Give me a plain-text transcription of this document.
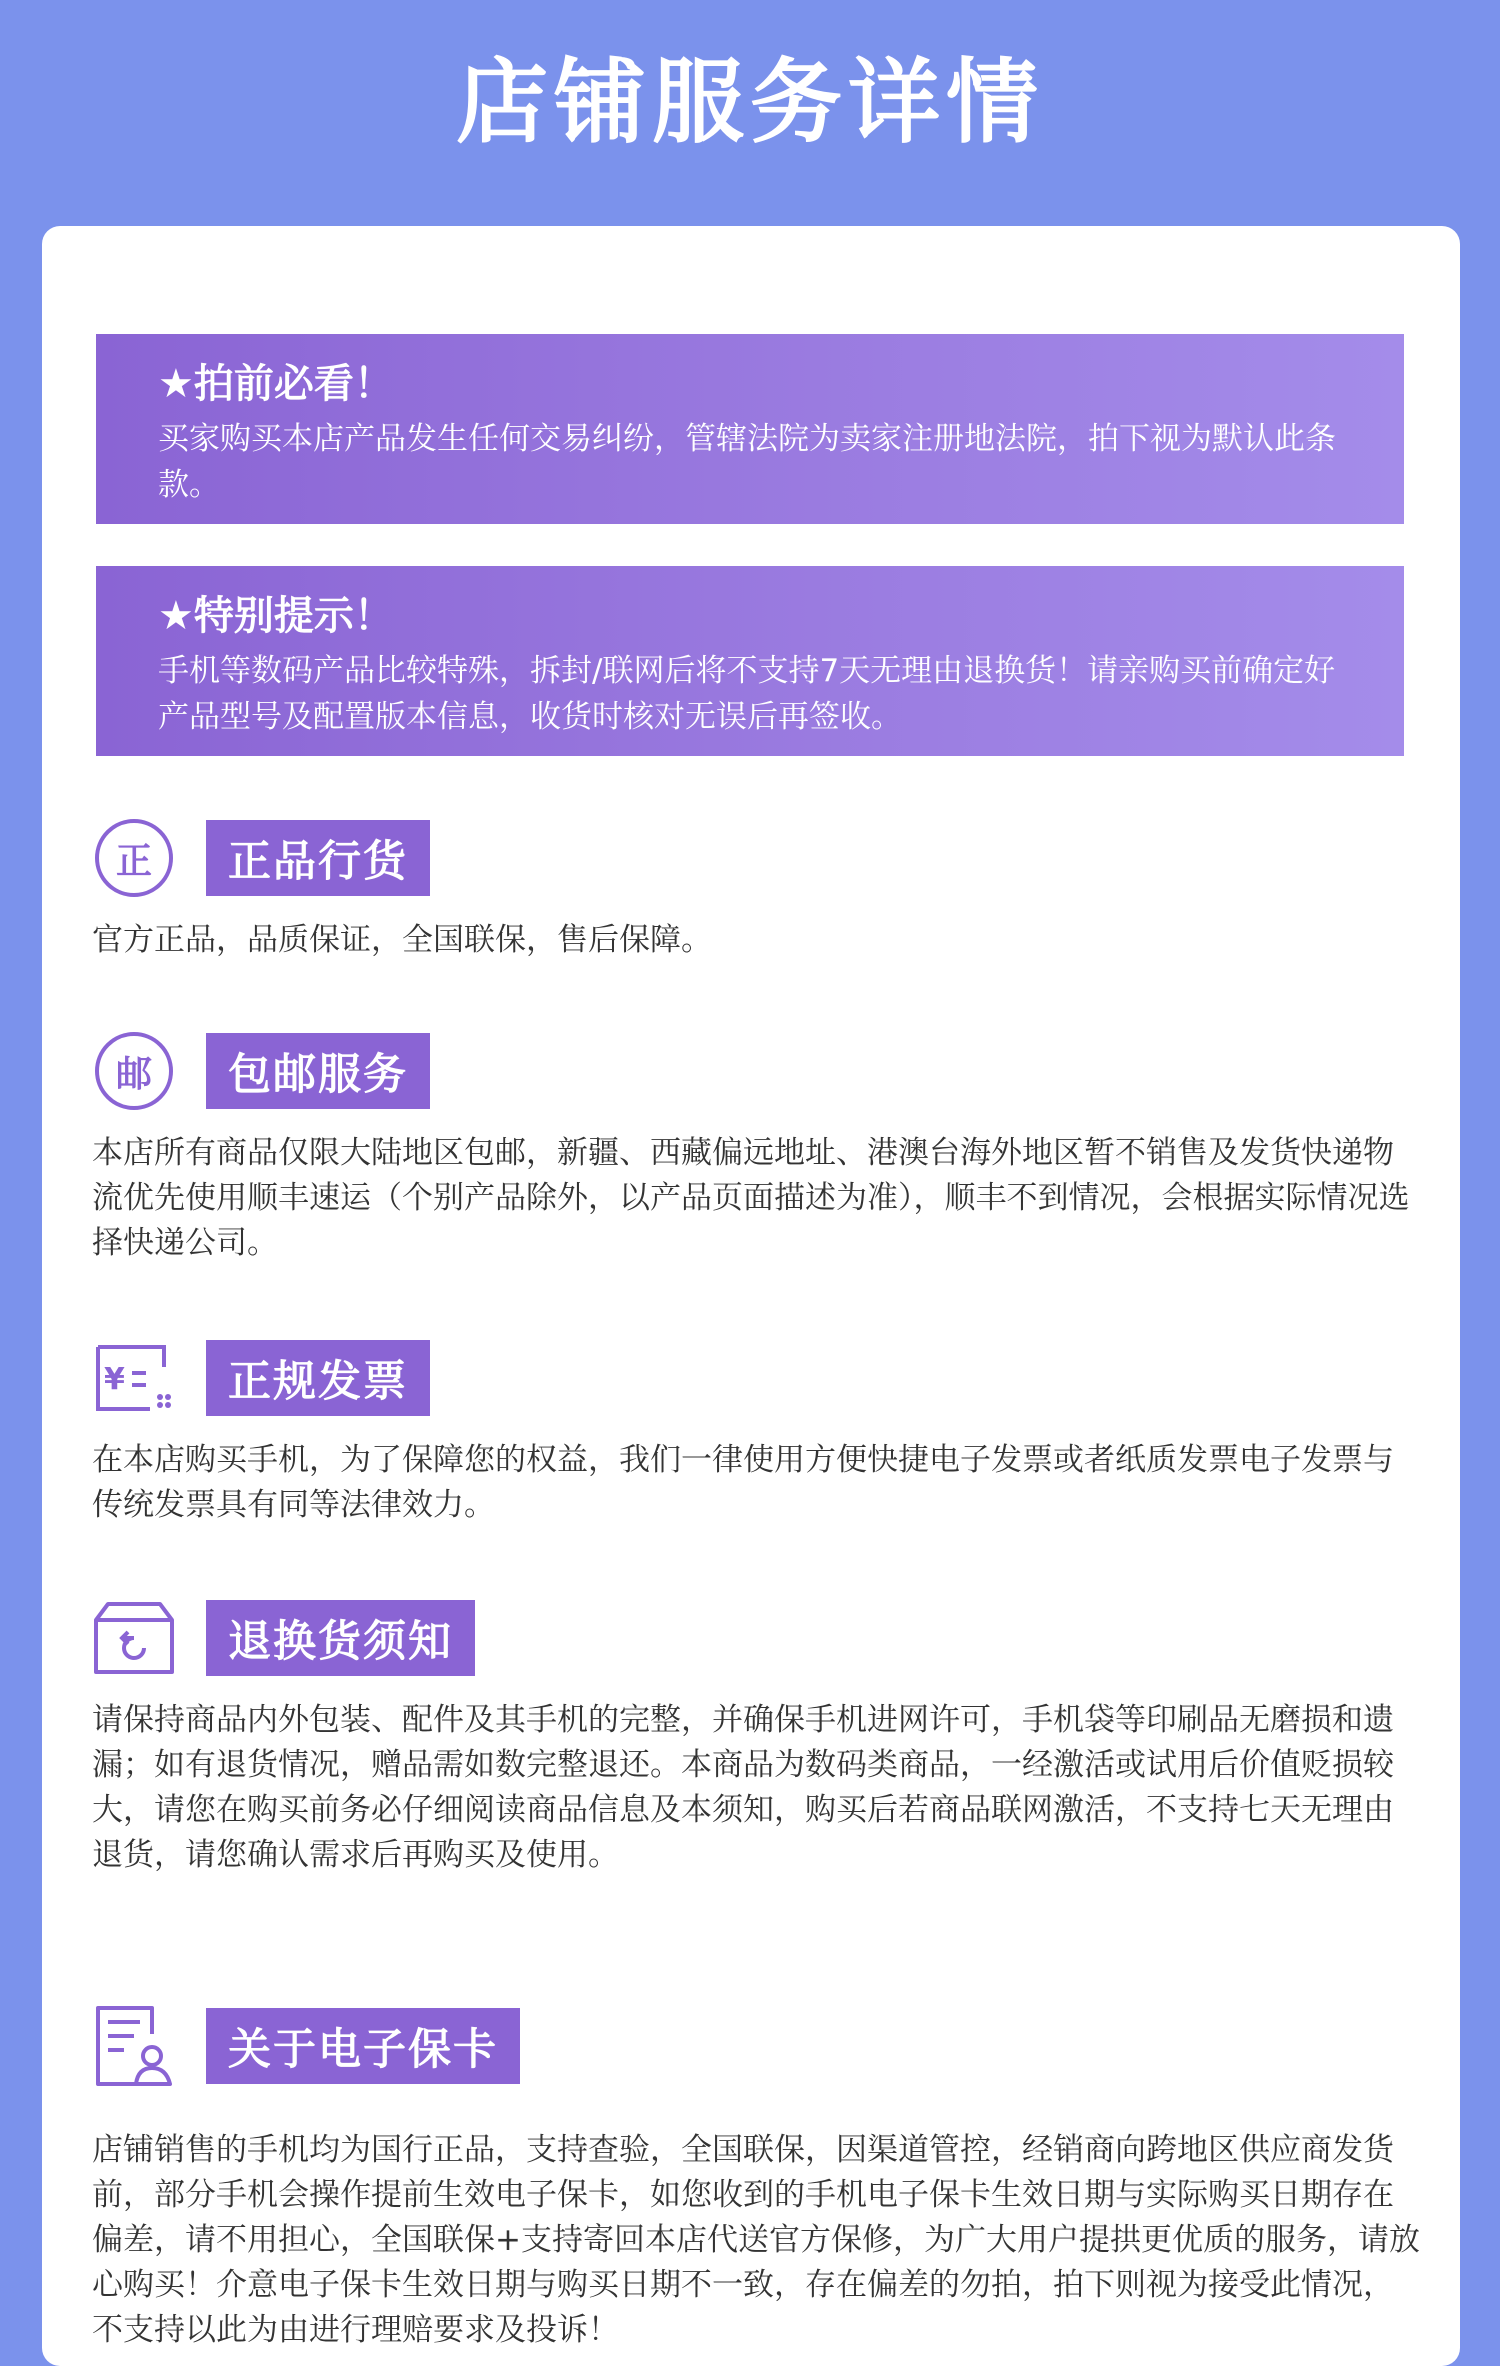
店铺服务详情
★拍前必看！
买家购买本店产品发生任何交易纠纷，管辖法院为卖家注册地法院，拍下视为默认此条款。
★特别提示！
手机等数码产品比较特殊，拆封/联网后将不支持7天无理由退换货！请亲购买前确定好产品型号及配置版本信息，收货时核对无误后再签收。
正	正品行货
官方正品，品质保证，全国联保，售后保障。
邮	包邮服务
本店所有商品仅限大陆地区包邮，新疆、西藏偏远地址、港澳台海外地区暂不销售及发货快递物流优先使用顺丰速运（个别产品除外，以产品页面描述为准），顺丰不到情况，会根据实际情况选择快递公司。
¥	正规发票
在本店购买手机，为了保障您的权益，我们一律使用方便快捷电子发票或者纸质发票电子发票与传统发票具有同等法律效力。
退换货须知
请保持商品内外包装、配件及其手机的完整，并确保手机进网许可，手机袋等印刷品无磨损和遗漏；如有退货情况，赠品需如数完整退还。本商品为数码类商品，一经激活或试用后价值贬损较大，请您在购买前务必仔细阅读商品信息及本须知，购买后若商品联网激活，不支持七天无理由退货，请您确认需求后再购买及使用。
关于电子保卡
店铺销售的手机均为国行正品，支持查验，全国联保，因渠道管控，经销商向跨地区供应商发货前，部分手机会操作提前生效电子保卡，如您收到的手机电子保卡生效日期与实际购买日期存在偏差，请不用担心，全国联保+支持寄回本店代送官方保修，为广大用户提拱更优质的服务，请放心购买！介意电子保卡生效日期与购买日期不一致，存在偏差的勿拍，拍下则视为接受此情况，不支持以此为由进行理赔要求及投诉！
